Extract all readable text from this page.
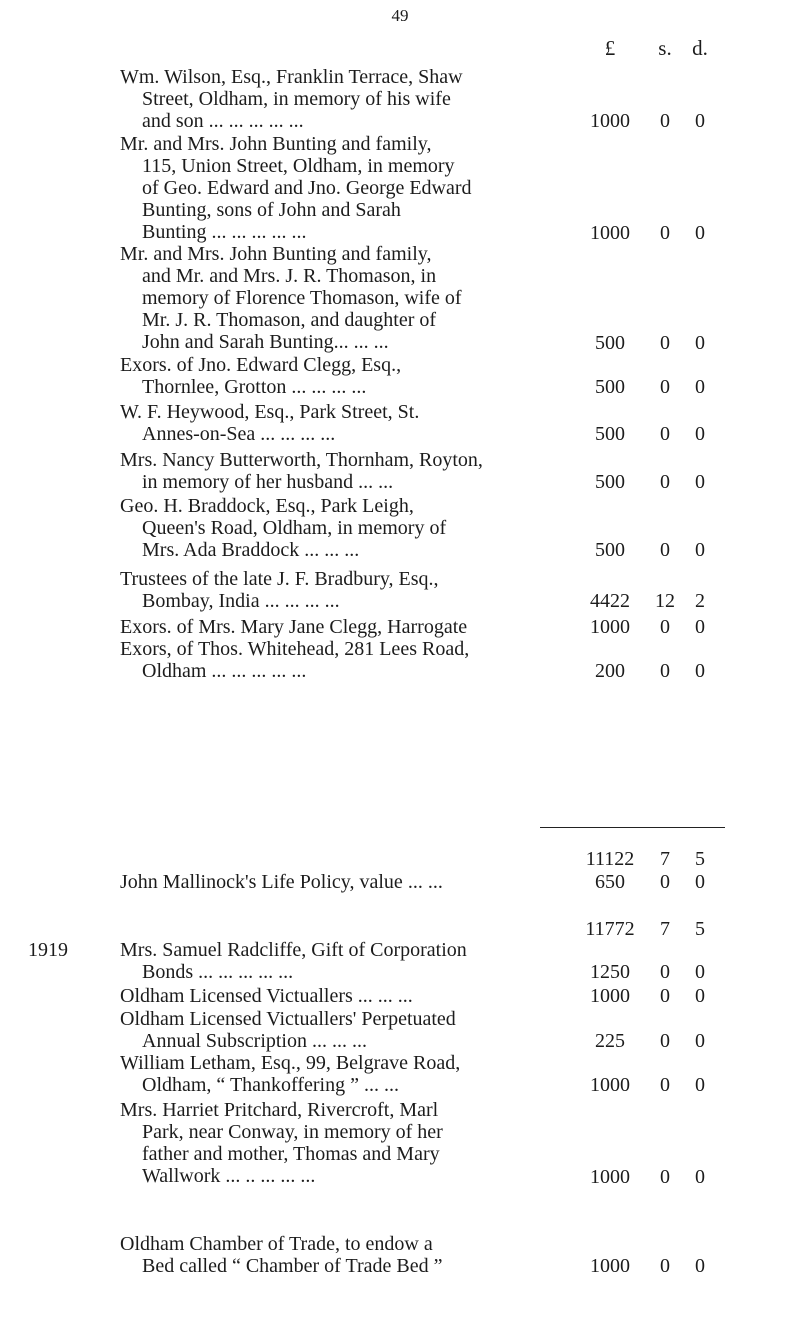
49
£	s. d.
Wm. Wilson, Esq., Franklin Terrace, Shaw
Street, Oldham, in memory of his wife
and son ... ... ... ... ...	1000	0	0
Mr. and Mrs. John Bunting and family,
115, Union Street, Oldham, in memory
of Geo. Edward and Jno. George Edward
Bunting, sons of John and Sarah
Bunting ... ... ... ... ...	1000	0	0
Mr. and Mrs. John Bunting and family,
and Mr. and Mrs. J. R. Thomason, in
memory of Florence Thomason, wife of
Mr. J. R. Thomason, and daughter of
John and Sarah Bunting... ... ...	500	0	0
Exors. of Jno. Edward Clegg, Esq.,
Thornlee, Grotton ... ... ... ...	500	0	0
W. F. Heywood, Esq., Park Street, St.
Annes-on-Sea ... ... ... ...	500	0	0
Mrs. Nancy Butterworth, Thornham, Royton,
in memory of her husband ... ...	500	0	0
Geo. H. Braddock, Esq., Park Leigh,
Queen's Road, Oldham, in memory of
Mrs. Ada Braddock ... ... ...	500	0	0
Trustees of the late J. F. Bradbury, Esq.,
Bombay, India ... ... ... ...	4422	12	2
Exors. of Mrs. Mary Jane Clegg, Harrogate	1000	0	0
Exors, of Thos. Whitehead, 281 Lees Road,
Oldham ... ... ... ... ...	200	0	0
11122	7	5
John Mallinock's Life Policy, value ... ...	650	0	0
11772	7	5
1919	Mrs. Samuel Radcliffe, Gift of Corporation
Bonds ... ... ... ... ...	1250	0	0
Oldham Licensed Victuallers ... ... ...	1000	0	0
Oldham Licensed Victuallers' Perpetuated
Annual Subscription ... ... ...	225	0	0
William Letham, Esq., 99, Belgrave Road,
Oldham, “ Thankoffering ” ... ...	1000	0	0
Mrs. Harriet Pritchard, Rivercroft, Marl
Park, near Conway, in memory of her
father and mother, Thomas and Mary
Wallwork ... .. ... ... ...	1000	0	0
Oldham Chamber of Trade, to endow a
Bed called “ Chamber of Trade Bed ”	1000	0	0
